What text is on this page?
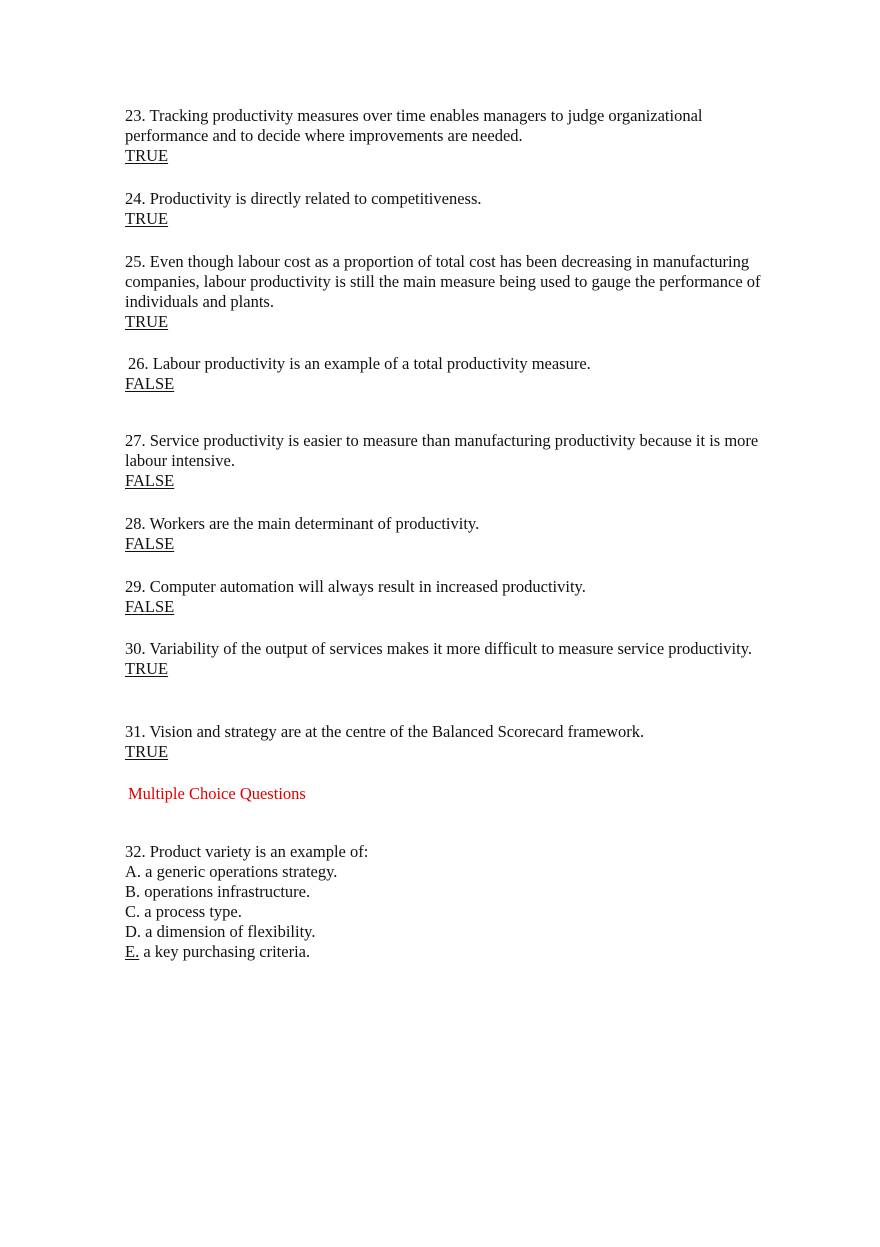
23. Tracking productivity measures over time enables managers to judge organizational performance and to decide where improvements are needed.

TRUE

24. Productivity is directly related to competitiveness.

TRUE

25. Even though labour cost as a proportion of total cost has been decreasing in manufacturing companies, labour productivity is still the main measure being used to gauge the performance of individuals and plants.

TRUE

26. Labour productivity is an example of a total productivity measure.

FALSE

27. Service productivity is easier to measure than manufacturing productivity because it is more labour intensive.

FALSE

28. Workers are the main determinant of productivity.

FALSE

29. Computer automation will always result in increased productivity.

FALSE

30. Variability of the output of services makes it more difficult to measure service productivity.

TRUE

31. Vision and strategy are at the centre of the Balanced Scorecard framework.

TRUE

Multiple Choice Questions

32. Product variety is an example of:

A. a generic operations strategy.

B. operations infrastructure.

C. a process type.

D. a dimension of flexibility.

E. a key purchasing criteria.
